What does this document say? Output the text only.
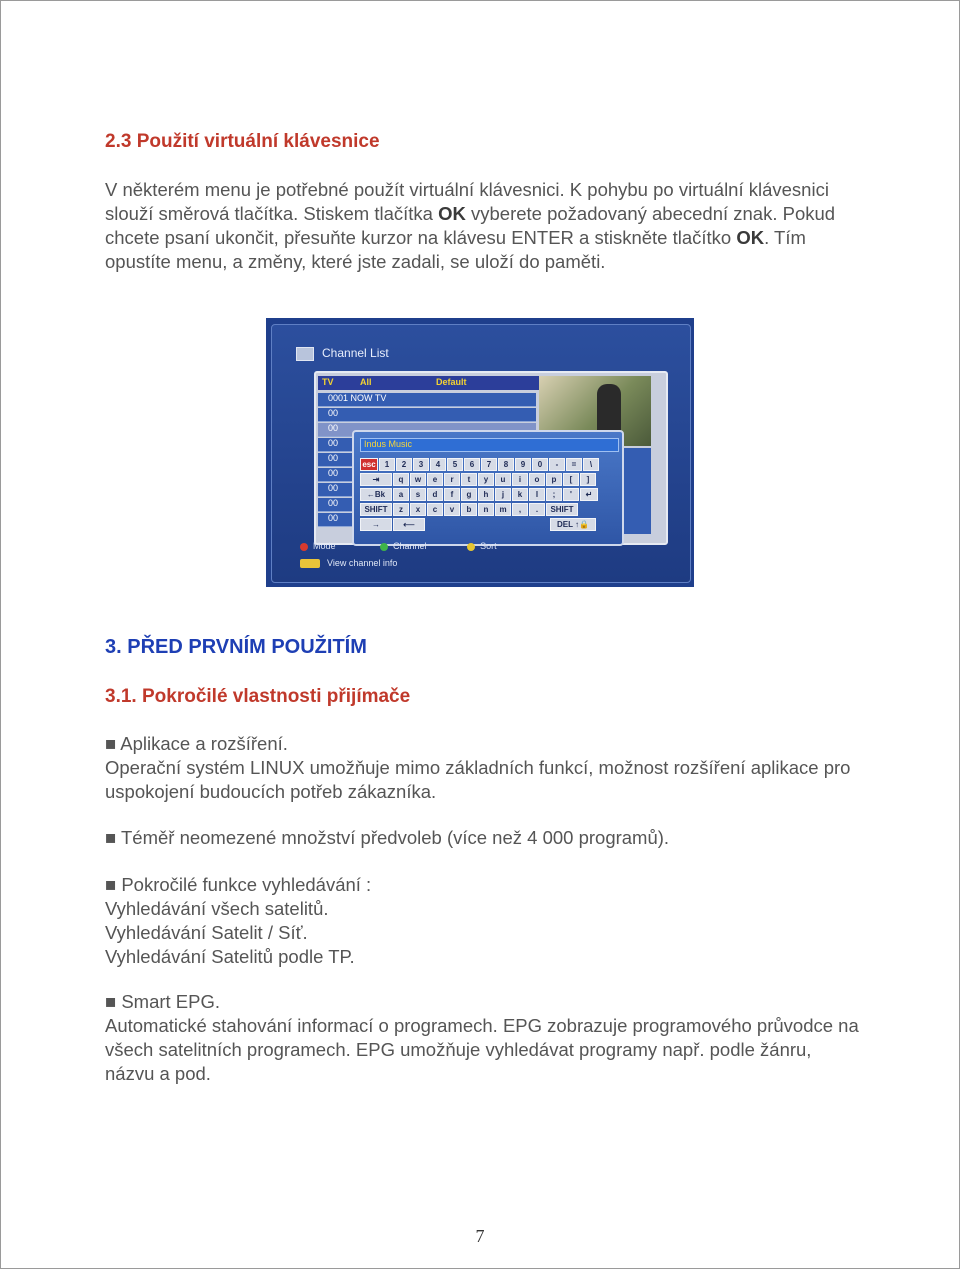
2.3 Použití virtuální klávesnice
V některém menu je potřebné použít virtuální klávesnici. K pohybu po virtuální klávesnici slouží směrová tlačítka. Stiskem tlačítka OK vyberete požadovaný abecední znak. Pokud chcete psaní ukončit, přesuňte kurzor na klávesu ENTER a stiskněte tlačítko OK. Tím opustíte menu, a změny, které jste zadali, se uloží do paměti.
Channel List
TV	All	Default
0001 NOW TV
00
00
00
00
00
00
00
00
Indus Music
esc	1	2	3	4	5	6	7	8	9	0	-	=	\
⇥	q	w	e	r	t	y	u	i	o	p	[	]
←Bk	a	s	d	f	g	h	j	k	l	;	'	↵
SHIFT	z	x	c	v	b	n	m	,	.	SHIFT
→	⟵	DEL ↑🔒
Mode	Channel	Sort
View channel info
3. PŘED PRVNÍM POUŽITÍM
3.1. Pokročilé vlastnosti přijímače
■ Aplikace a rozšíření.
Operační systém LINUX umožňuje mimo základních funkcí, možnost rozšíření aplikace pro uspokojení budoucích potřeb zákazníka.
■ Téměř neomezené množství předvoleb (více než 4 000 programů).
■ Pokročilé funkce vyhledávání :
Vyhledávání všech satelitů.
Vyhledávání Satelit / Síť.
Vyhledávání Satelitů podle TP.
■ Smart EPG.
Automatické stahování informací o programech. EPG zobrazuje programového průvodce na všech satelitních programech. EPG umožňuje vyhledávat programy např. podle žánru, názvu a pod.
7
